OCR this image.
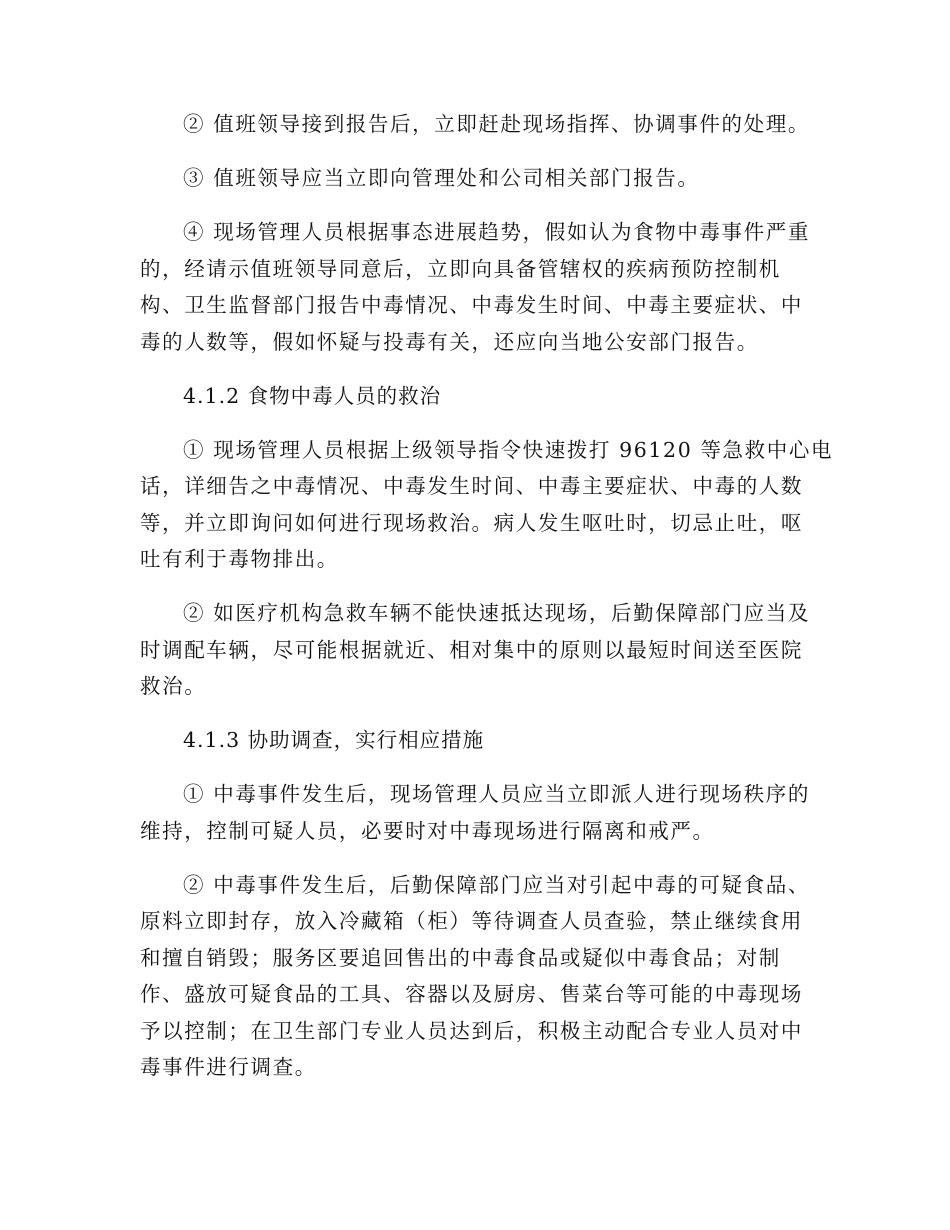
② 值班领导接到报告后，立即赶赴现场指挥、协调事件的处理。

③ 值班领导应当立即向管理处和公司相关部门报告。

④ 现场管理人员根据事态进展趋势，假如认为食物中毒事件严重
的，经请示值班领导同意后，立即向具备管辖权的疾病预防控制机
构、卫生监督部门报告中毒情况、中毒发生时间、中毒主要症状、中
毒的人数等，假如怀疑与投毒有关，还应向当地公安部门报告。

4.1.2 食物中毒人员的救治

① 现场管理人员根据上级领导指令快速拨打 96120 等急救中心电
话，详细告之中毒情况、中毒发生时间、中毒主要症状、中毒的人数
等，并立即询问如何进行现场救治。病人发生呕吐时，切忌止吐，呕
吐有利于毒物排出。

② 如医疗机构急救车辆不能快速抵达现场，后勤保障部门应当及
时调配车辆，尽可能根据就近、相对集中的原则以最短时间送至医院
救治。

4.1.3 协助调查，实行相应措施

① 中毒事件发生后，现场管理人员应当立即派人进行现场秩序的
维持，控制可疑人员，必要时对中毒现场进行隔离和戒严。

② 中毒事件发生后，后勤保障部门应当对引起中毒的可疑食品、
原料立即封存，放入冷藏箱（柜）等待调查人员查验，禁止继续食用
和擅自销毁；服务区要追回售出的中毒食品或疑似中毒食品；对制
作、盛放可疑食品的工具、容器以及厨房、售菜台等可能的中毒现场
予以控制；在卫生部门专业人员达到后，积极主动配合专业人员对中
毒事件进行调查。
